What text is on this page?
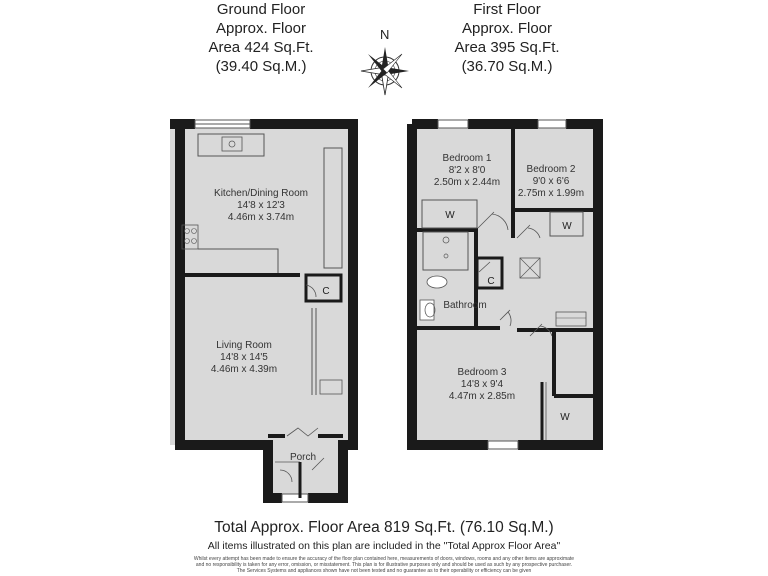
Ground Floor
Approx. Floor
Area 424 Sq.Ft.
(39.40 Sq.M.)
First Floor
Approx. Floor
Area 395 Sq.Ft.
(36.70 Sq.M.)
N
Kitchen/Dining Room
14'8 x 12'3
4.46m x 3.74m
Living Room
14'8 x 14'5
4.46m x 4.39m
Porch
C
Bedroom 1
8'2 x 8'0
2.50m x 2.44m
Bedroom 2
9'0 x 6'6
2.75m x 1.99m
Bedroom 3
14'8 x 9'4
4.47m x 2.85m
Bathroom
C
W
W
W
Total Approx. Floor Area 819 Sq.Ft. (76.10 Sq.M.)
All items illustrated on this plan are included in the "Total Approx Floor Area"
Whilst every attempt has been made to ensure the accuracy of the floor plan contained here, measurements of doors, windows, rooms and any other items are approximate
and no responsibility is taken for any error, omission, or misstatement. This plan is for illustrative purposes only and should be used as such by any prospective purchaser.
The Services Systems and appliances shown have not been tested and no guarantee as to their operability or efficiency can be given
